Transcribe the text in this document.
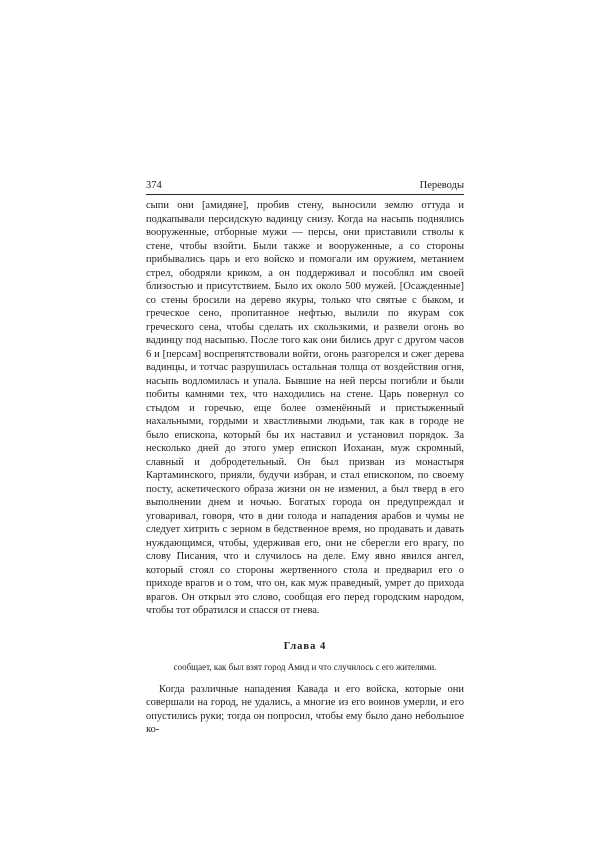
374	Переводы

сыпи они [амидяне], пробив стену, выносили землю оттуда и подкапывали персидскую вадинцу снизу. Когда на насыпь поднялись вооруженные, отборные мужи — персы, они приставили стволы к стене, чтобы взойти. Были также и вооруженные, а со стороны прибывались царь и его войско и помогали им оружием, метанием стрел, ободряли криком, а он поддерживал и пособлял им своей близостью и присутствием. Было их около 500 мужей. [Осажденные] со стены бросили на дерево якуры, только что святые с быком, и греческое сено, пропитанное нефтью, вылили по якурам сок греческого сена, чтобы сделать их скользкими, и развели огонь во вадинцу под насыпью. После того как они бились друг с другом часов 6 и [персам] воспрепятствовали войти, огонь разгорелся и сжег дерева вадинцы, и тотчас разрушилась остальная толща от воздействия огня, насыпь водломилась и упала. Бывшие на ней персы погибли и были побиты камнями тех, что находились на стене. Царь повернул со стыдом и горечью, еще более озменённый и пристыженный нахальными, гордыми и хвастливыми людьми, так как в городе не было епископа, который бы их наставил и установил порядок. За несколько дней до этого умер епископ Иоханан, муж скромный, славный и добродетельный. Он был призван из монастыря Картаминского, прияли, будучи избран, и стал епископом, по своему посту, аскетического образа жизни он не изменил, а был тверд в его выполнении днем и ночью. Богатых города он предупреждал и уговаривал, говоря, что в дни голода и нападения арабов и чумы не следует хитрить с зерном в бедственное время, но продавать и давать нуждающимся, чтобы, удерживая его, они не сберегли его врагу, по слову Писания, что и случилось на деле. Ему явно явился ангел, который стоял со стороны жертвенного стола и предварил его о приходе врагов и о том, что он, как муж праведный, умрет до прихода врагов. Он открыл это слово, сообщая его перед городским народом, чтобы тот обратился и спасся от гнева.

Глава 4
сообщает, как был взят город Амид и что случилось с его жителями.

Когда различные нападения Кавада и его войска, которые они совершали на город, не удались, а многие из его воинов умерли, и его опустились руки; тогда он попросил, чтобы ему было дано небольшое ко-
